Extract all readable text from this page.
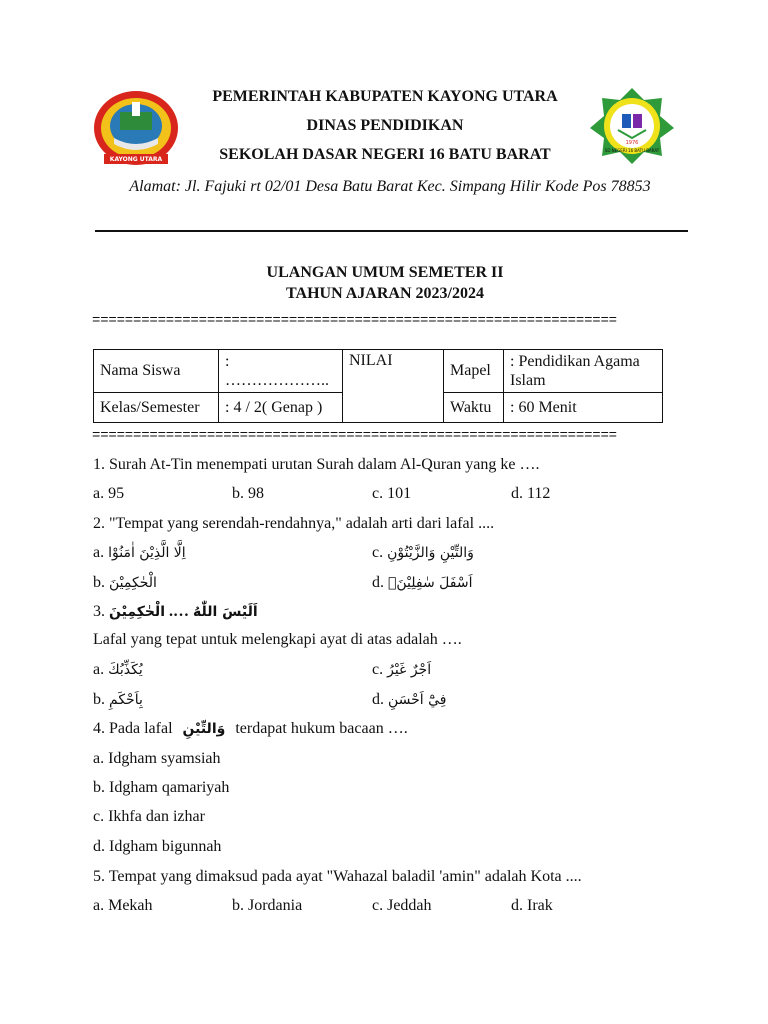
KAYONG UTARA
1976
SD NEGERI 16 BATU BARAT
PEMERINTAH KABUPATEN KAYONG UTARA
DINAS PENDIDIKAN
SEKOLAH DASAR NEGERI 16 BATU BARAT
Alamat: Jl. Fajuki rt 02/01 Desa Batu Barat Kec. Simpang Hilir Kode Pos 78853
ULANGAN UMUM SEMETER II
TAHUN AJARAN 2023/2024
================================================================
Nama Siswa	: ………………..	NILAI	Mapel	: Pendidikan Agama Islam
Kelas/Semester	: 4 / 2( Genap )		Waktu	: 60 Menit
================================================================
1. Surah At-Tin menempati urutan Surah dalam Al-Quran yang ke ….
a. 95	b. 98	c. 101	d. 112
2. "Tempat yang serendah-rendahnya," adalah arti dari lafal ....
a. اِلَّا الَّذِيْنَ اٰمَنُوْا	c. وَالتِّيْنِ وَالزَّيْتُوْنِ
b. الْحٰكِمِيْنَ	d. اَسْفَلَ سٰفِلِيْنَۙ
3.	اَلَيْسَ اللّٰهُ …. الْحٰكِمِيْنَ
Lafal yang tepat untuk melengkapi ayat di atas adalah ….
a. يُكَذِّبُكَ	c. اَجْرٌ غَيْرُ
b. بِاَحْكَمِ	d. فِيْٓ اَحْسَنِ
4. Pada lafal وَالتِّيْنِ terdapat hukum bacaan ….
a. Idgham syamsiah
b. Idgham qamariyah
c. Ikhfa dan izhar
d. Idgham bigunnah
5. Tempat yang dimaksud pada ayat "Wahazal baladil 'amin" adalah Kota ....
a. Mekah	b. Jordania	c. Jeddah	d. Irak
